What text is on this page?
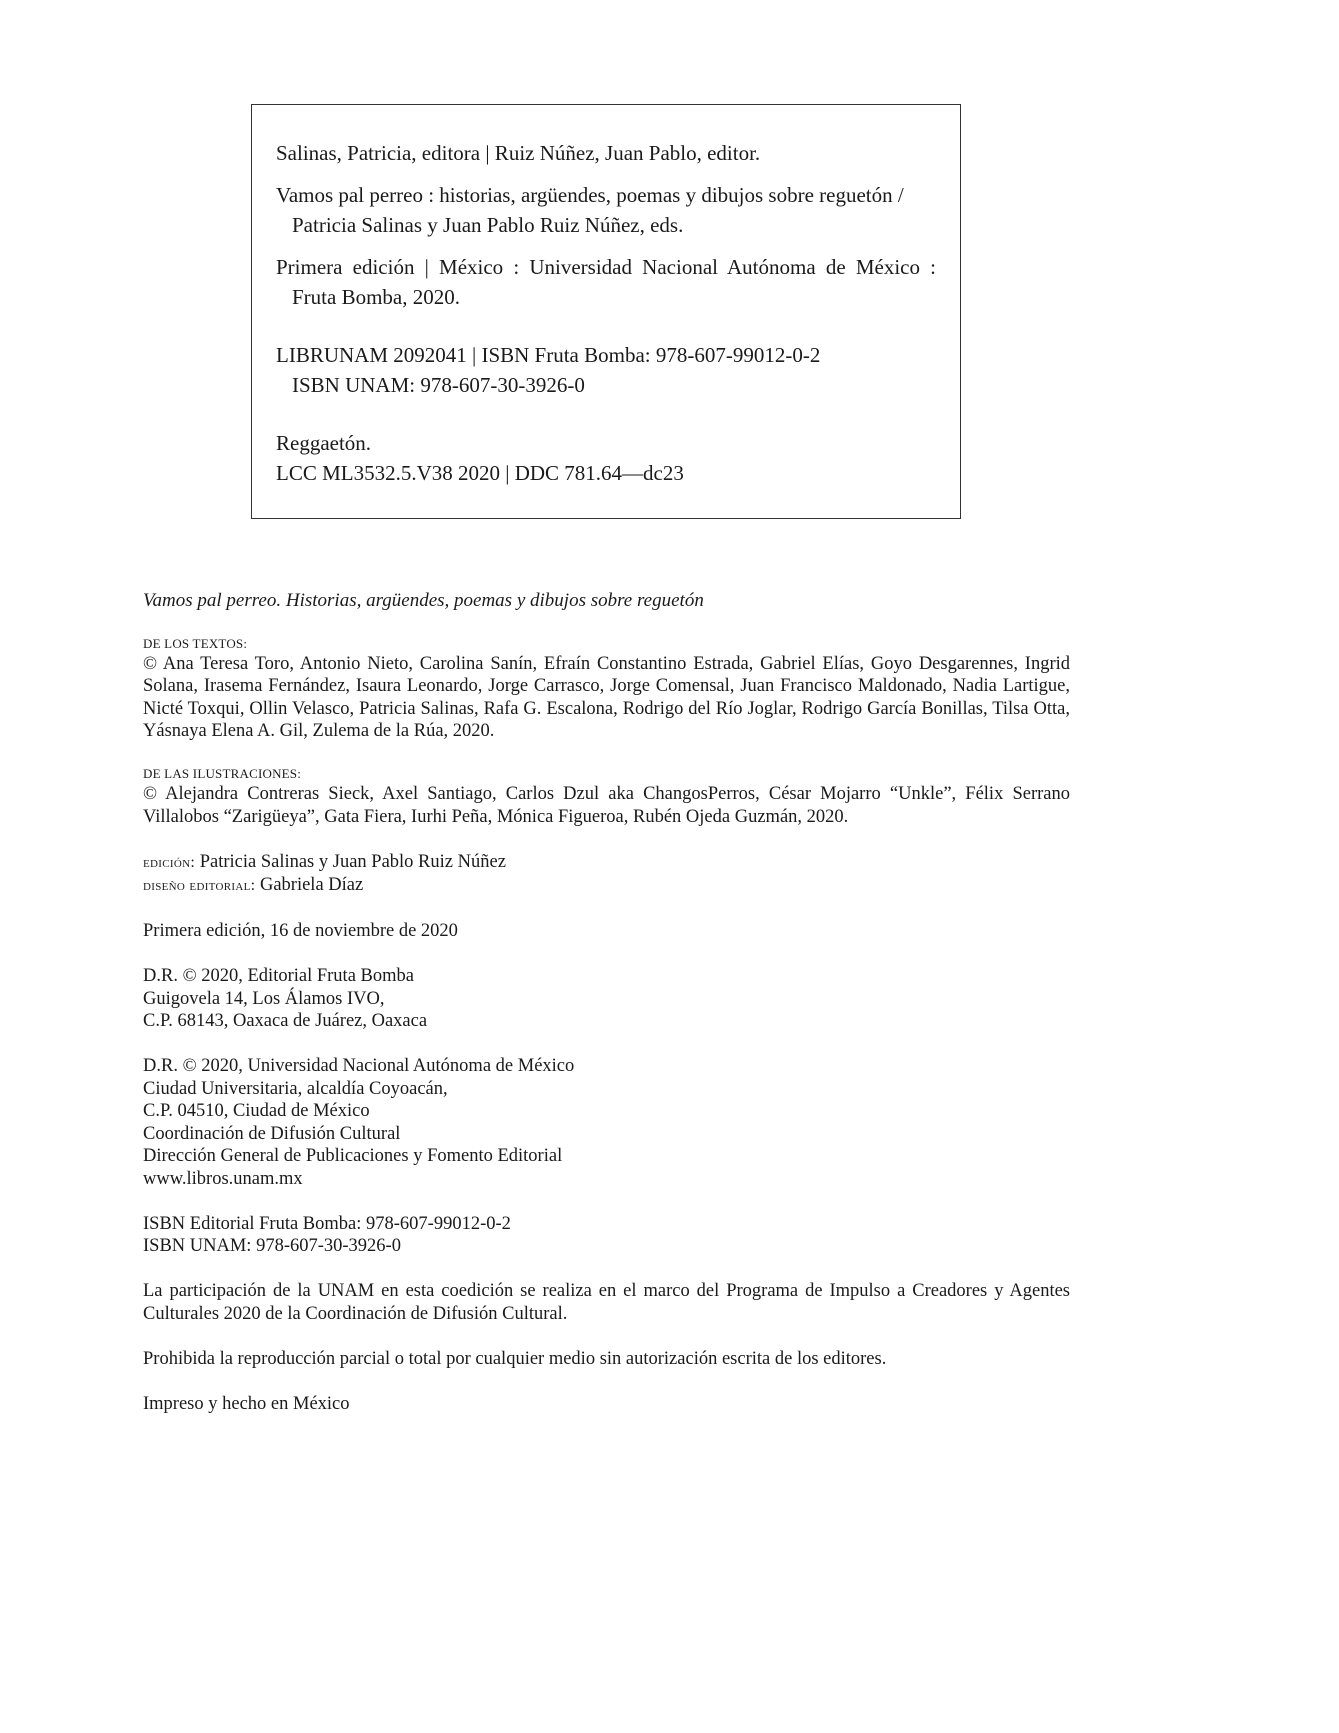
Salinas, Patricia, editora | Ruiz Núñez, Juan Pablo, editor.

Vamos pal perreo : historias, argüendes, poemas y dibujos sobre reguetón /

Patricia Salinas y Juan Pablo Ruiz Núñez, eds.

Primera edición | México : Universidad Nacional Autónoma de México :

Fruta Bomba, 2020.

LIBRUNAM 2092041 | ISBN Fruta Bomba: 978-607-99012-0-2

ISBN UNAM: 978-607-30-3926-0

Reggaetón.

LCC ML3532.5.V38 2020 | DDC 781.64—dc23

Vamos pal perreo. Historias, argüendes, poemas y dibujos sobre reguetón

DE LOS TEXTOS:

© Ana Teresa Toro, Antonio Nieto, Carolina Sanín, Efraín Constantino Estrada, Gabriel Elías, Goyo Desgarennes, Ingrid Solana, Irasema Fernández, Isaura Leonardo, Jorge Carrasco, Jorge Comensal, Juan Francisco Maldonado, Nadia Lartigue, Nicté Toxqui, Ollin Velasco, Patricia Salinas, Rafa G. Escalona, Rodrigo del Río Joglar, Rodrigo García Bonillas, Tilsa Otta, Yásnaya Elena A. Gil, Zulema de la Rúa, 2020.

DE LAS ILUSTRACIONES:

© Alejandra Contreras Sieck, Axel Santiago, Carlos Dzul aka ChangosPerros, César Mojarro “Unkle”, Félix Serrano Villalobos “Zarigüeya”, Gata Fiera, Iurhi Peña, Mónica Figueroa, Rubén Ojeda Guzmán, 2020.

edición: Patricia Salinas y Juan Pablo Ruiz Núñez

diseño editorial: Gabriela Díaz

Primera edición, 16 de noviembre de 2020

D.R. © 2020, Editorial Fruta Bomba

Guigovela 14, Los Álamos IVO,

C.P. 68143, Oaxaca de Juárez, Oaxaca

D.R. © 2020, Universidad Nacional Autónoma de México

Ciudad Universitaria, alcaldía Coyoacán,

C.P. 04510, Ciudad de México

Coordinación de Difusión Cultural

Dirección General de Publicaciones y Fomento Editorial

www.libros.unam.mx

ISBN Editorial Fruta Bomba: 978-607-99012-0-2

ISBN UNAM: 978-607-30-3926-0

La participación de la UNAM en esta coedición se realiza en el marco del Programa de Impulso a Creadores y Agentes Culturales 2020 de la Coordinación de Difusión Cultural.

Prohibida la reproducción parcial o total por cualquier medio sin autorización escrita de los editores.

Impreso y hecho en México
